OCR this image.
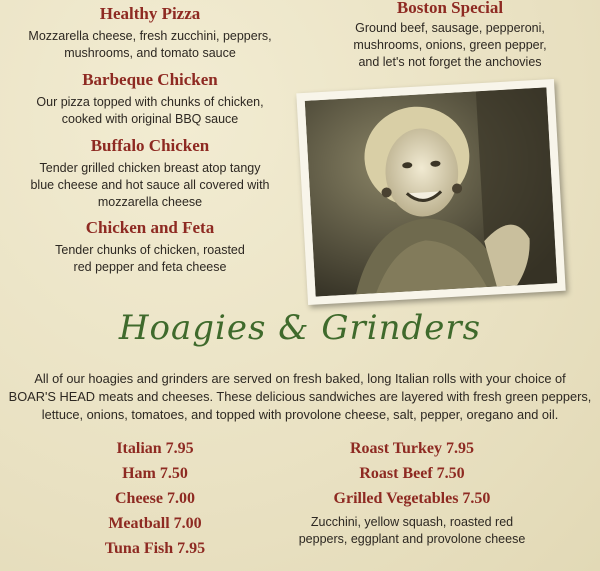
Healthy Pizza
Mozzarella cheese, fresh zucchini, peppers,
mushrooms, and tomato sauce
Barbeque Chicken
Our pizza topped with chunks of chicken,
cooked with original BBQ sauce
Buffalo Chicken
Tender grilled chicken breast atop tangy
blue cheese and hot sauce all covered with
mozzarella cheese
Chicken and Feta
Tender chunks of chicken, roasted
red pepper and feta cheese
Boston Special
Ground beef, sausage, pepperoni,
mushrooms, onions, green pepper,
and let's not forget the anchovies
Hoagies & Grinders
All of our hoagies and grinders are served on fresh baked, long Italian rolls with your choice of
BOAR'S HEAD meats and cheeses. These delicious sandwiches are layered with fresh green peppers,
lettuce, onions, tomatoes, and topped with provolone cheese, salt, pepper, oregano and oil.
Italian 7.95
Ham 7.50
Cheese 7.00
Meatball 7.00
Tuna Fish 7.95
Roast Turkey 7.95
Roast Beef 7.50
Grilled Vegetables 7.50
Zucchini, yellow squash, roasted red
peppers, eggplant and provolone cheese
